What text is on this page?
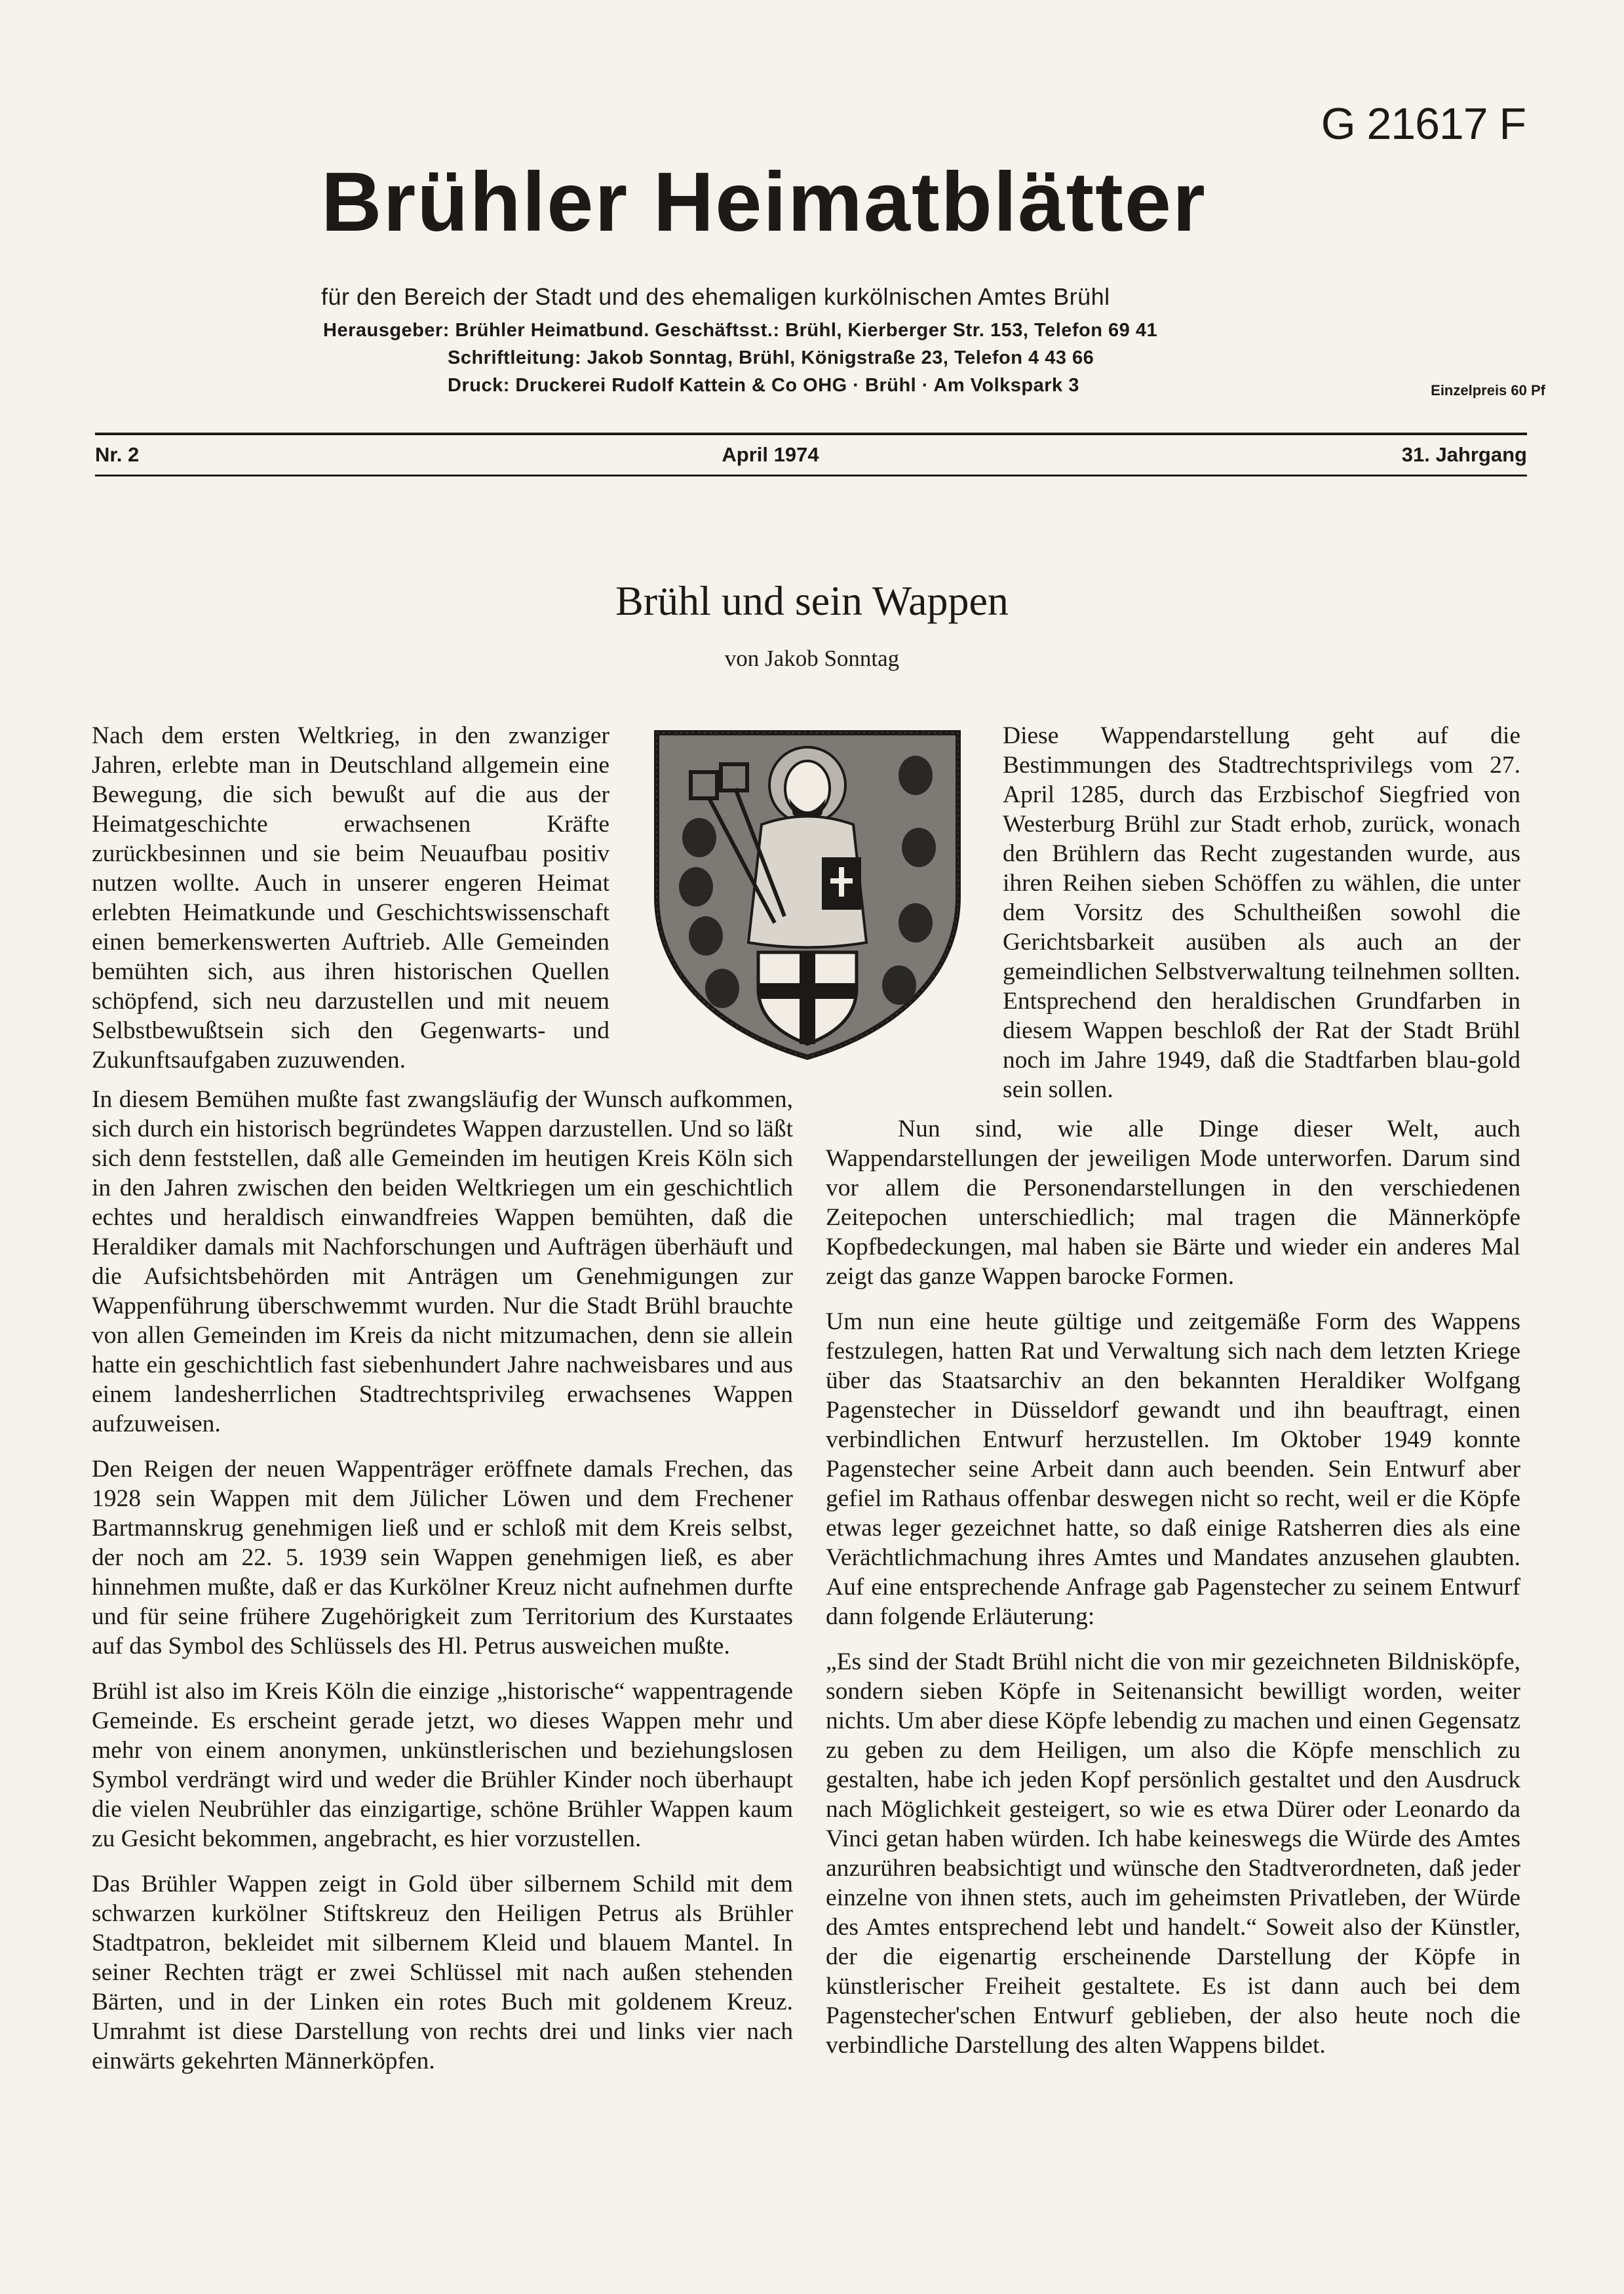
G 21617 F
Brühler Heimatblätter
für den Bereich der Stadt und des ehemaligen kurkölnischen Amtes Brühl
Herausgeber: Brühler Heimatbund. Geschäftsst.: Brühl, Kierberger Str. 153, Telefon 69 41
Schriftleitung: Jakob Sonntag, Brühl, Königstraße 23, Telefon 4 43 66
Druck: Druckerei Rudolf Kattein & Co OHG · Brühl · Am Volkspark 3	Einzelpreis 60 Pf
Nr. 2	April 1974	31. Jahrgang
Brühl und sein Wappen
von Jakob Sonntag

Nach dem ersten Weltkrieg, in den zwanziger Jahren, erlebte man in Deutschland allgemein eine Bewegung, die sich bewußt auf die aus der Heimatgeschichte erwachsenen Kräfte zurückbesinnen und sie beim Neuaufbau positiv nutzen wollte. Auch in unserer engeren Heimat erlebten Heimatkunde und Geschichtswissenschaft einen bemerkenswerten Auftrieb. Alle Gemeinden bemühten sich, aus ihren historischen Quellen schöpfend, sich neu darzustellen und mit neuem Selbstbewußtsein sich den Gegenwarts- und Zukunftsaufgaben zuzuwenden.

In diesem Bemühen mußte fast zwangsläufig der Wunsch aufkommen, sich durch ein historisch begründetes Wappen darzustellen. Und so läßt sich denn feststellen, daß alle Gemeinden im heutigen Kreis Köln sich in den Jahren zwischen den beiden Weltkriegen um ein geschichtlich echtes und heraldisch einwandfreies Wappen bemühten, daß die Heraldiker damals mit Nachforschungen und Aufträgen überhäuft und die Aufsichtsbehörden mit Anträgen um Genehmigungen zur Wappenführung überschwemmt wurden. Nur die Stadt Brühl brauchte von allen Gemeinden im Kreis da nicht mitzumachen, denn sie allein hatte ein geschichtlich fast siebenhundert Jahre nachweisbares und aus einem landesherrlichen Stadtrechtsprivileg erwachsenes Wappen aufzuweisen.

Den Reigen der neuen Wappenträger eröffnete damals Frechen, das 1928 sein Wappen mit dem Jülicher Löwen und dem Frechener Bartmannskrug genehmigen ließ und er schloß mit dem Kreis selbst, der noch am 22. 5. 1939 sein Wappen genehmigen ließ, es aber hinnehmen mußte, daß er das Kurkölner Kreuz nicht aufnehmen durfte und für seine frühere Zugehörigkeit zum Territorium des Kurstaates auf das Symbol des Schlüssels des Hl. Petrus ausweichen mußte.

Brühl ist also im Kreis Köln die einzige „historische“ wappentragende Gemeinde. Es erscheint gerade jetzt, wo dieses Wappen mehr und mehr von einem anonymen, unkünstlerischen und beziehungslosen Symbol verdrängt wird und weder die Brühler Kinder noch überhaupt die vielen Neubrühler das einzigartige, schöne Brühler Wappen kaum zu Gesicht bekommen, angebracht, es hier vorzustellen.

Das Brühler Wappen zeigt in Gold über silbernem Schild mit dem schwarzen kurkölner Stiftskreuz den Heiligen Petrus als Brühler Stadtpatron, bekleidet mit silbernem Kleid und blauem Mantel. In seiner Rechten trägt er zwei Schlüssel mit nach außen stehenden Bärten, und in der Linken ein rotes Buch mit goldenem Kreuz. Umrahmt ist diese Darstellung von rechts drei und links vier nach einwärts gekehrten Männerköpfen.

Diese Wappendarstellung geht auf die Bestimmungen des Stadtrechtsprivilegs vom 27. April 1285, durch das Erzbischof Siegfried von Westerburg Brühl zur Stadt erhob, zurück, wonach den Brühlern das Recht zugestanden wurde, aus ihren Reihen sieben Schöffen zu wählen, die unter dem Vorsitz des Schultheißen sowohl die Gerichtsbarkeit ausüben als auch an der gemeindlichen Selbstverwaltung teilnehmen sollten. Entsprechend den heraldischen Grundfarben in diesem Wappen beschloß der Rat der Stadt Brühl noch im Jahre 1949, daß die Stadtfarben blau-gold sein sollen.

Nun sind, wie alle Dinge dieser Welt, auch Wappendarstellungen der jeweiligen Mode unterworfen. Darum sind vor allem die Personendarstellungen in den verschiedenen Zeitepochen unterschiedlich; mal tragen die Männerköpfe Kopfbedeckungen, mal haben sie Bärte und wieder ein anderes Mal zeigt das ganze Wappen barocke Formen.

Um nun eine heute gültige und zeitgemäße Form des Wappens festzulegen, hatten Rat und Verwaltung sich nach dem letzten Kriege über das Staatsarchiv an den bekannten Heraldiker Wolfgang Pagenstecher in Düsseldorf gewandt und ihn beauftragt, einen verbindlichen Entwurf herzustellen. Im Oktober 1949 konnte Pagenstecher seine Arbeit dann auch beenden. Sein Entwurf aber gefiel im Rathaus offenbar deswegen nicht so recht, weil er die Köpfe etwas leger gezeichnet hatte, so daß einige Ratsherren dies als eine Verächtlichmachung ihres Amtes und Mandates anzusehen glaubten. Auf eine entsprechende Anfrage gab Pagenstecher zu seinem Entwurf dann folgende Erläuterung:

„Es sind der Stadt Brühl nicht die von mir gezeichneten Bildnisköpfe, sondern sieben Köpfe in Seitenansicht bewilligt worden, weiter nichts. Um aber diese Köpfe lebendig zu machen und einen Gegensatz zu geben zu dem Heiligen, um also die Köpfe menschlich zu gestalten, habe ich jeden Kopf persönlich gestaltet und den Ausdruck nach Möglichkeit gesteigert, so wie es etwa Dürer oder Leonardo da Vinci getan haben würden. Ich habe keineswegs die Würde des Amtes anzurühren beabsichtigt und wünsche den Stadtverordneten, daß jeder einzelne von ihnen stets, auch im geheimsten Privatleben, der Würde des Amtes entsprechend lebt und handelt.“ Soweit also der Künstler, der die eigenartig erscheinende Darstellung der Köpfe in künstlerischer Freiheit gestaltete. Es ist dann auch bei dem Pagenstecher'schen Entwurf geblieben, der also heute noch die verbindliche Darstellung des alten Wappens bildet.
